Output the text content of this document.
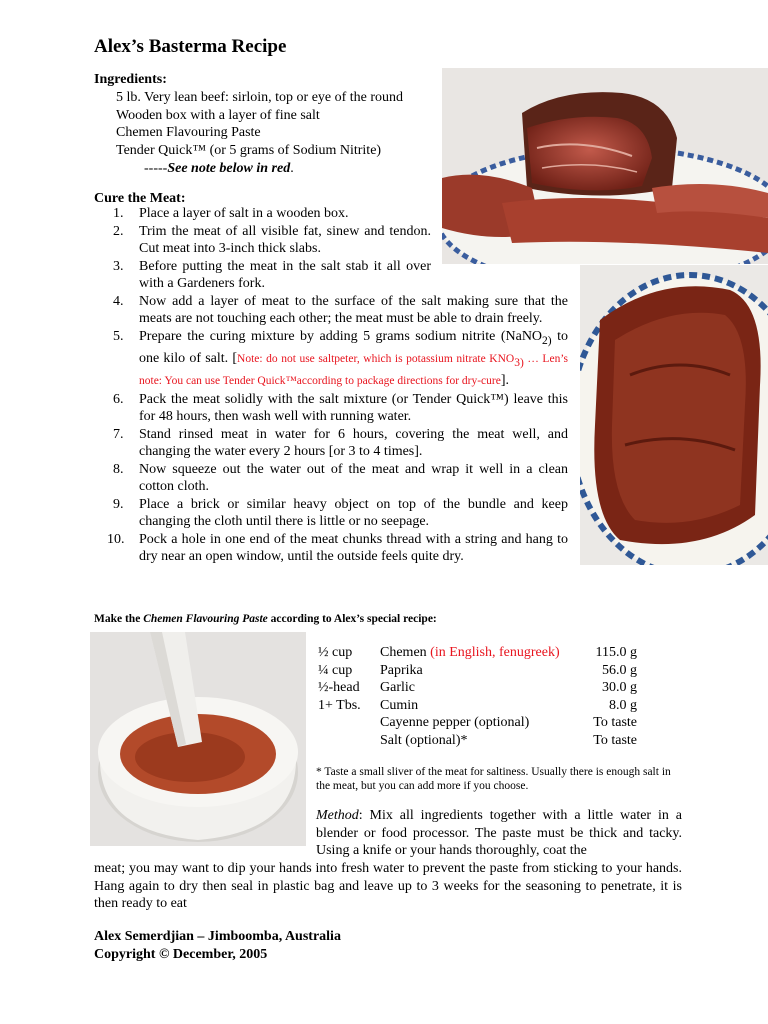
Alex’s Basterma Recipe
Ingredients:
5 lb. Very lean beef: sirloin, top or eye of the round
Wooden box with a layer of fine salt
Chemen Flavouring Paste
Tender Quick™ (or 5 grams of Sodium Nitrite)
-----See note below in red.
Cure the Meat:
1. Place a layer of salt in a wooden box.
2. Trim the meat of all visible fat, sinew and tendon. Cut meat into 3-inch thick slabs.
3. Before putting the meat in the salt stab it all over with a Gardeners fork.
4. Now add a layer of meat to the surface of the salt making sure that the meats are not touching each other; the meat must be able to drain freely.
5. Prepare the curing mixture by adding 5 grams sodium nitrite (NaNO$_{2)}$ to one kilo of salt. [Note: do not use saltpeter, which is potassium nitrate $KNO_{3)}$ … Len’s note: You can use Tender Quick™according to package directions for dry-cure].
6. Pack the meat solidly with the salt mixture (or Tender Quick™) leave this for 48 hours, then wash well with running water.
7. Stand rinsed meat in water for 6 hours, covering the meat well, and changing the water every 2 hours [or 3 to 4 times].
8. Now squeeze out the water out of the meat and wrap it well in a clean cotton cloth.
9. Place a brick or similar heavy object on top of the bundle and keep changing the cloth until there is little or no seepage.
10. Pock a hole in one end of the meat chunks thread with a string and hang to dry near an open window, until the outside feels quite dry.
Make the Chemen Flavouring Paste according to Alex’s special recipe:
½ cup	Chemen (in English, fenugreek)	115.0 g
¼ cup	Paprika	56.0 g
½-head	Garlic	30.0 g
1+ Tbs.	Cumin	8.0 g
	Cayenne pepper (optional)	To taste
	Salt (optional)*	To taste
* Taste a small sliver of the meat for saltiness. Usually there is enough salt in the meat, but you can add more if you choose.
Method: Mix all ingredients together with a little water in a blender or food processor. The paste must be thick and tacky. Using a knife or your hands thoroughly, coat the
meat; you may want to dip your hands into fresh water to prevent the paste from sticking to your hands. Hang again to dry then seal in plastic bag and leave up to 3 weeks for the seasoning to penetrate, it is then ready to eat
Alex Semerdjian – Jimboomba, Australia
Copyright © December, 2005
